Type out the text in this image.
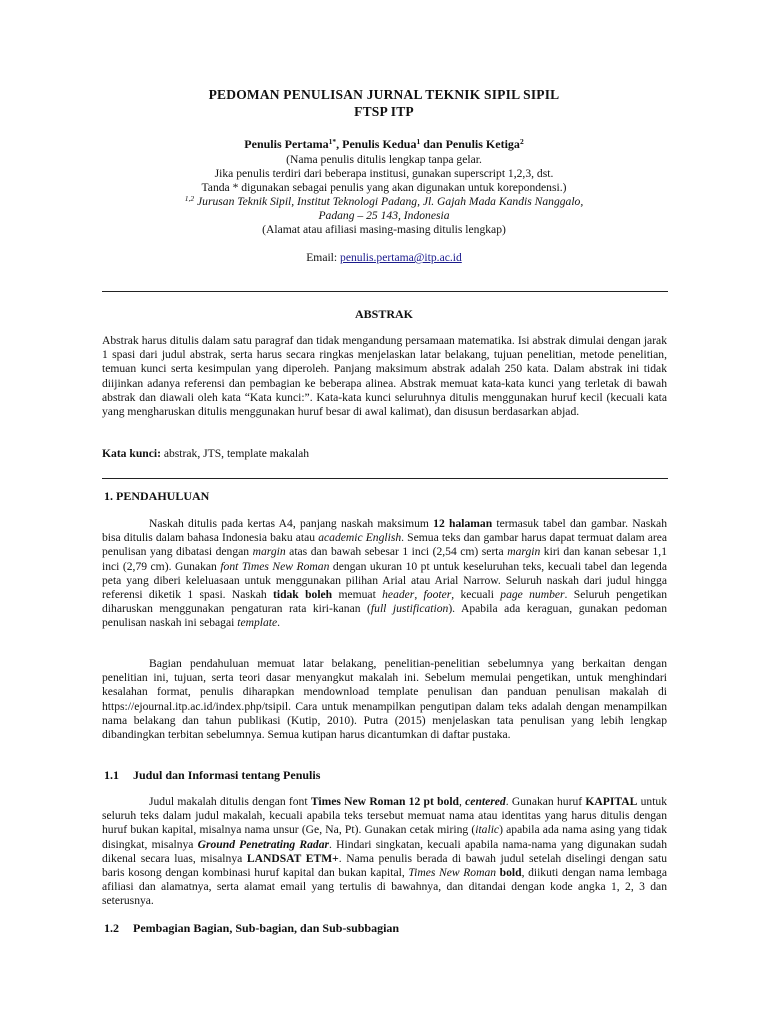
PEDOMAN PENULISAN JURNAL TEKNIK SIPIL SIPIL
FTSP ITP
Penulis Pertama$^{1*}$, Penulis Kedua$^1$ dan Penulis Ketiga$^2$
(Nama penulis ditulis lengkap tanpa gelar.
Jika penulis terdiri dari beberapa institusi, gunakan superscript 1,2,3, dst.
Tanda * digunakan sebagai penulis yang akan digunakan untuk korepondensi.)
$^{1,2}$ Jurusan Teknik Sipil, Institut Teknologi Padang, Jl. Gajah Mada Kandis Nanggalo,
Padang – 25 143, Indonesia
(Alamat atau afiliasi masing-masing ditulis lengkap)
Email: penulis.pertama@itp.ac.id
ABSTRAK
Abstrak harus ditulis dalam satu paragraf dan tidak mengandung persamaan matematika. Isi abstrak dimulai dengan jarak 1 spasi dari judul abstrak, serta harus secara ringkas menjelaskan latar belakang, tujuan penelitian, metode penelitian, temuan kunci serta kesimpulan yang diperoleh. Panjang maksimum abstrak adalah 250 kata. Dalam abstrak ini tidak diijinkan adanya referensi dan pembagian ke beberapa alinea. Abstrak memuat kata-kata kunci yang terletak di bawah abstrak dan diawali oleh kata “Kata kunci:”. Kata-kata kunci seluruhnya ditulis menggunakan huruf kecil (kecuali kata yang mengharuskan ditulis menggunakan huruf besar di awal kalimat), dan disusun berdasarkan abjad.
Kata kunci: abstrak, JTS, template makalah
1. PENDAHULUAN
Naskah ditulis pada kertas A4, panjang naskah maksimum 12 halaman termasuk tabel dan gambar. Naskah bisa ditulis dalam bahasa Indonesia baku atau academic English. Semua teks dan gambar harus dapat termuat dalam area penulisan yang dibatasi dengan margin atas dan bawah sebesar 1 inci (2,54 cm) serta margin kiri dan kanan sebesar 1,1 inci (2,79 cm). Gunakan font Times New Roman dengan ukuran 10 pt untuk keseluruhan teks, kecuali tabel dan legenda peta yang diberi keleluasaan untuk menggunakan pilihan Arial atau Arial Narrow. Seluruh naskah dari judul hingga referensi diketik 1 spasi. Naskah tidak boleh memuat header, footer, kecuali page number. Seluruh pengetikan diharuskan menggunakan pengaturan rata kiri-kanan (full justification). Apabila ada keraguan, gunakan pedoman penulisan naskah ini sebagai template.
Bagian pendahuluan memuat latar belakang, penelitian-penelitian sebelumnya yang berkaitan dengan penelitian ini, tujuan, serta teori dasar menyangkut makalah ini. Sebelum memulai pengetikan, untuk menghindari kesalahan format, penulis diharapkan mendownload template penulisan dan panduan penulisan makalah di https://ejournal.itp.ac.id/index.php/tsipil. Cara untuk menampilkan pengutipan dalam teks adalah dengan menampilkan nama belakang dan tahun publikasi (Kutip, 2010). Putra (2015) menjelaskan tata penulisan yang lebih lengkap dibandingkan terbitan sebelumnya. Semua kutipan harus dicantumkan di daftar pustaka.
1.1 Judul dan Informasi tentang Penulis
Judul makalah ditulis dengan font Times New Roman 12 pt bold, centered. Gunakan huruf KAPITAL untuk seluruh teks dalam judul makalah, kecuali apabila teks tersebut memuat nama atau identitas yang harus ditulis dengan huruf bukan kapital, misalnya nama unsur (Ge, Na, Pt). Gunakan cetak miring (italic) apabila ada nama asing yang tidak disingkat, misalnya Ground Penetrating Radar. Hindari singkatan, kecuali apabila nama-nama yang digunakan sudah dikenal secara luas, misalnya LANDSAT ETM+. Nama penulis berada di bawah judul setelah diselingi dengan satu baris kosong dengan kombinasi huruf kapital dan bukan kapital, Times New Roman bold, diikuti dengan nama lembaga afiliasi dan alamatnya, serta alamat email yang tertulis di bawahnya, dan ditandai dengan kode angka 1, 2, 3 dan seterusnya.
1.2 Pembagian Bagian, Sub-bagian, dan Sub-subbagian
